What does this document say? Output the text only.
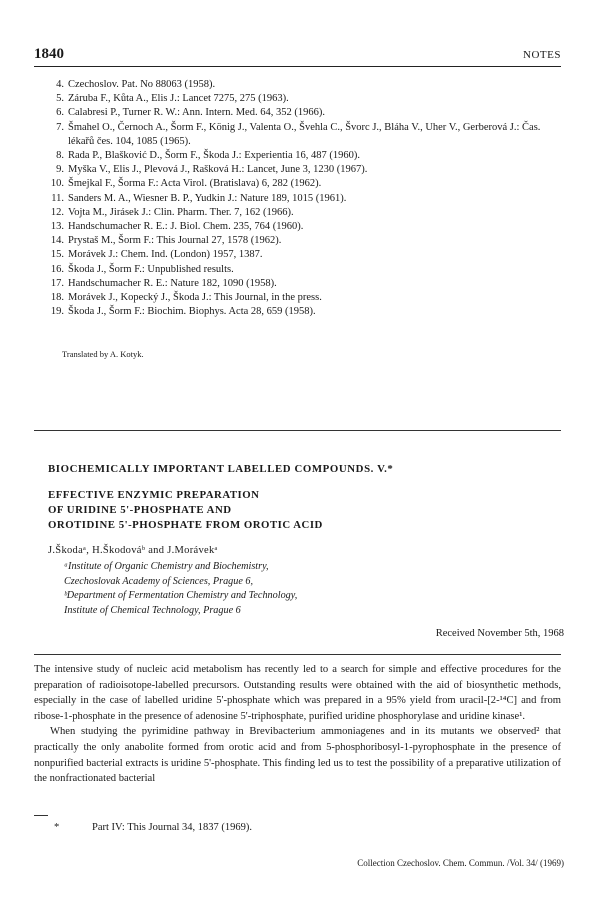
1840	NOTES
4. Czechoslov. Pat. No 88063 (1958).
5. Záruba F., Kůta A., Elis J.: Lancet 7275, 275 (1963).
6. Calabresi P., Turner R. W.: Ann. Intern. Med. 64, 352 (1966).
7. Šmahel O., Černoch A., Šorm F., König J., Valenta O., Švehla C., Švorc J., Bláha V., Uher V., Gerberová J.: Čas. lékařů čes. 104, 1085 (1965).
8. Rada P., Blašković D., Šorm F., Škoda J.: Experientia 16, 487 (1960).
9. Myška V., Elis J., Plevová J., Rašková H.: Lancet, June 3, 1230 (1967).
10. Šmejkal F., Šorma F.: Acta Virol. (Bratislava) 6, 282 (1962).
11. Sanders M. A., Wiesner B. P., Yudkin J.: Nature 189, 1015 (1961).
12. Vojta M., Jirásek J.: Clin. Pharm. Ther. 7, 162 (1966).
13. Handschumacher R. E.: J. Biol. Chem. 235, 764 (1960).
14. Prystaš M., Šorm F.: This Journal 27, 1578 (1962).
15. Morávek J.: Chem. Ind. (London) 1957, 1387.
16. Škoda J., Šorm F.: Unpublished results.
17. Handschumacher R. E.: Nature 182, 1090 (1958).
18. Morávek J., Kopecký J., Škoda J.: This Journal, in the press.
19. Škoda J., Šorm F.: Biochim. Biophys. Acta 28, 659 (1958).
Translated by A. Kotyk.
BIOCHEMICALLY IMPORTANT LABELLED COMPOUNDS. V.*
EFFECTIVE ENZYMIC PREPARATION
OF URIDINE 5'-PHOSPHATE AND
OROTIDINE 5'-PHOSPHATE FROM OROTIC ACID
J.Škodaᵃ, H.Škodováᵇ and J.Morávekᵃ
ᵃInstitute of Organic Chemistry and Biochemistry,
Czechoslovak Academy of Sciences, Prague 6,
ᵇDepartment of Fermentation Chemistry and Technology,
Institute of Chemical Technology, Prague 6
Received November 5th, 1968

The intensive study of nucleic acid metabolism has recently led to a search for simple and effective procedures for the preparation of radioisotope-labelled precursors. Outstanding results were obtained with the aid of biosynthetic methods, especially in the case of labelled uridine 5'-phosphate which was prepared in a 95% yield from uracil-[2-¹⁴C] and from ribose-1-phosphate in the presence of adenosine 5'-triphosphate, purified uridine phosphorylase and uridine kinase¹.

When studying the pyrimidine pathway in Brevibacterium ammoniagenes and in its mutants we observed² that practically the only anabolite formed from orotic acid and from 5-phosphoribosyl-1-pyrophosphate in the presence of nonpurified bacterial extracts is uridine 5'-phosphate. This finding led us to test the possibility of a preparative utilization of the nonfractionated bacterial

*	Part IV: This Journal 34, 1837 (1969).
Collection Czechoslov. Chem. Commun. /Vol. 34/ (1969)
